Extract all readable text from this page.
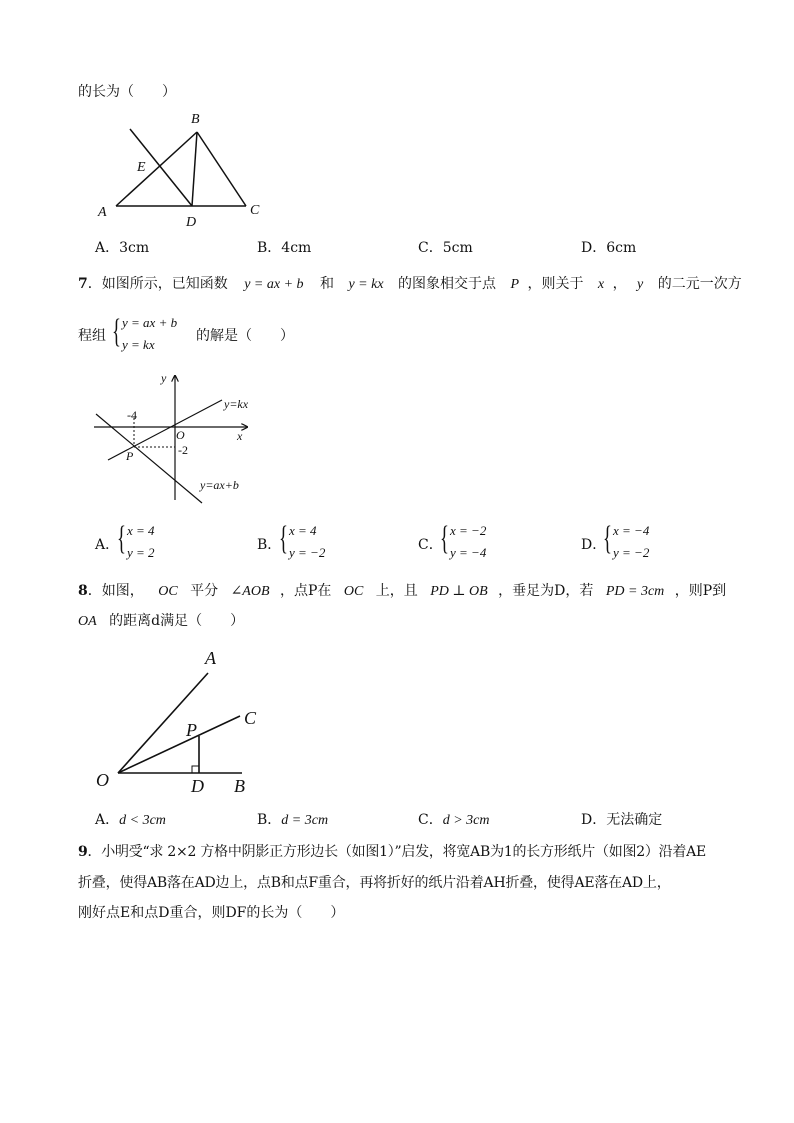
的长为（　　）
A
B
C
D
E
A．3cm	B．4cm	C．5cm	D．6cm
7．如图所示，已知函数 y = ax + b 和 y = kx 的图象相交于点 P ，则关于 x ， y 的二元一次方
程组 { y = ax + b
y = kx
的解是（　　）
x
y
O
P
y=kx
y=ax+b
-4
-2
A．
{ x = 4
y = 2	B．
{ x = 4
y = −2	C．
{ x = −2
y = −4	D．
{ x = −4
y = −2
8．如图， OC 平分 ∠AOB ，点P在 OC 上，且 PD ⊥ OB ，垂足为D，若 PD = 3cm ，则P到
OA 的距离d满足（　　）
A
C
P
O	D B
A．d < 3cm	B．d = 3cm	C．d > 3cm	D．无法确定
9．小明受“求 2×2 方格中阴影正方形边长（如图1）”启发，将宽AB为1的长方形纸片（如图2）沿着AE
折叠，使得AB落在AD边上，点B和点F重合，再将折好的纸片沿着AH折叠，使得AE落在AD上，
刚好点E和点D重合，则DF的长为（　　）
